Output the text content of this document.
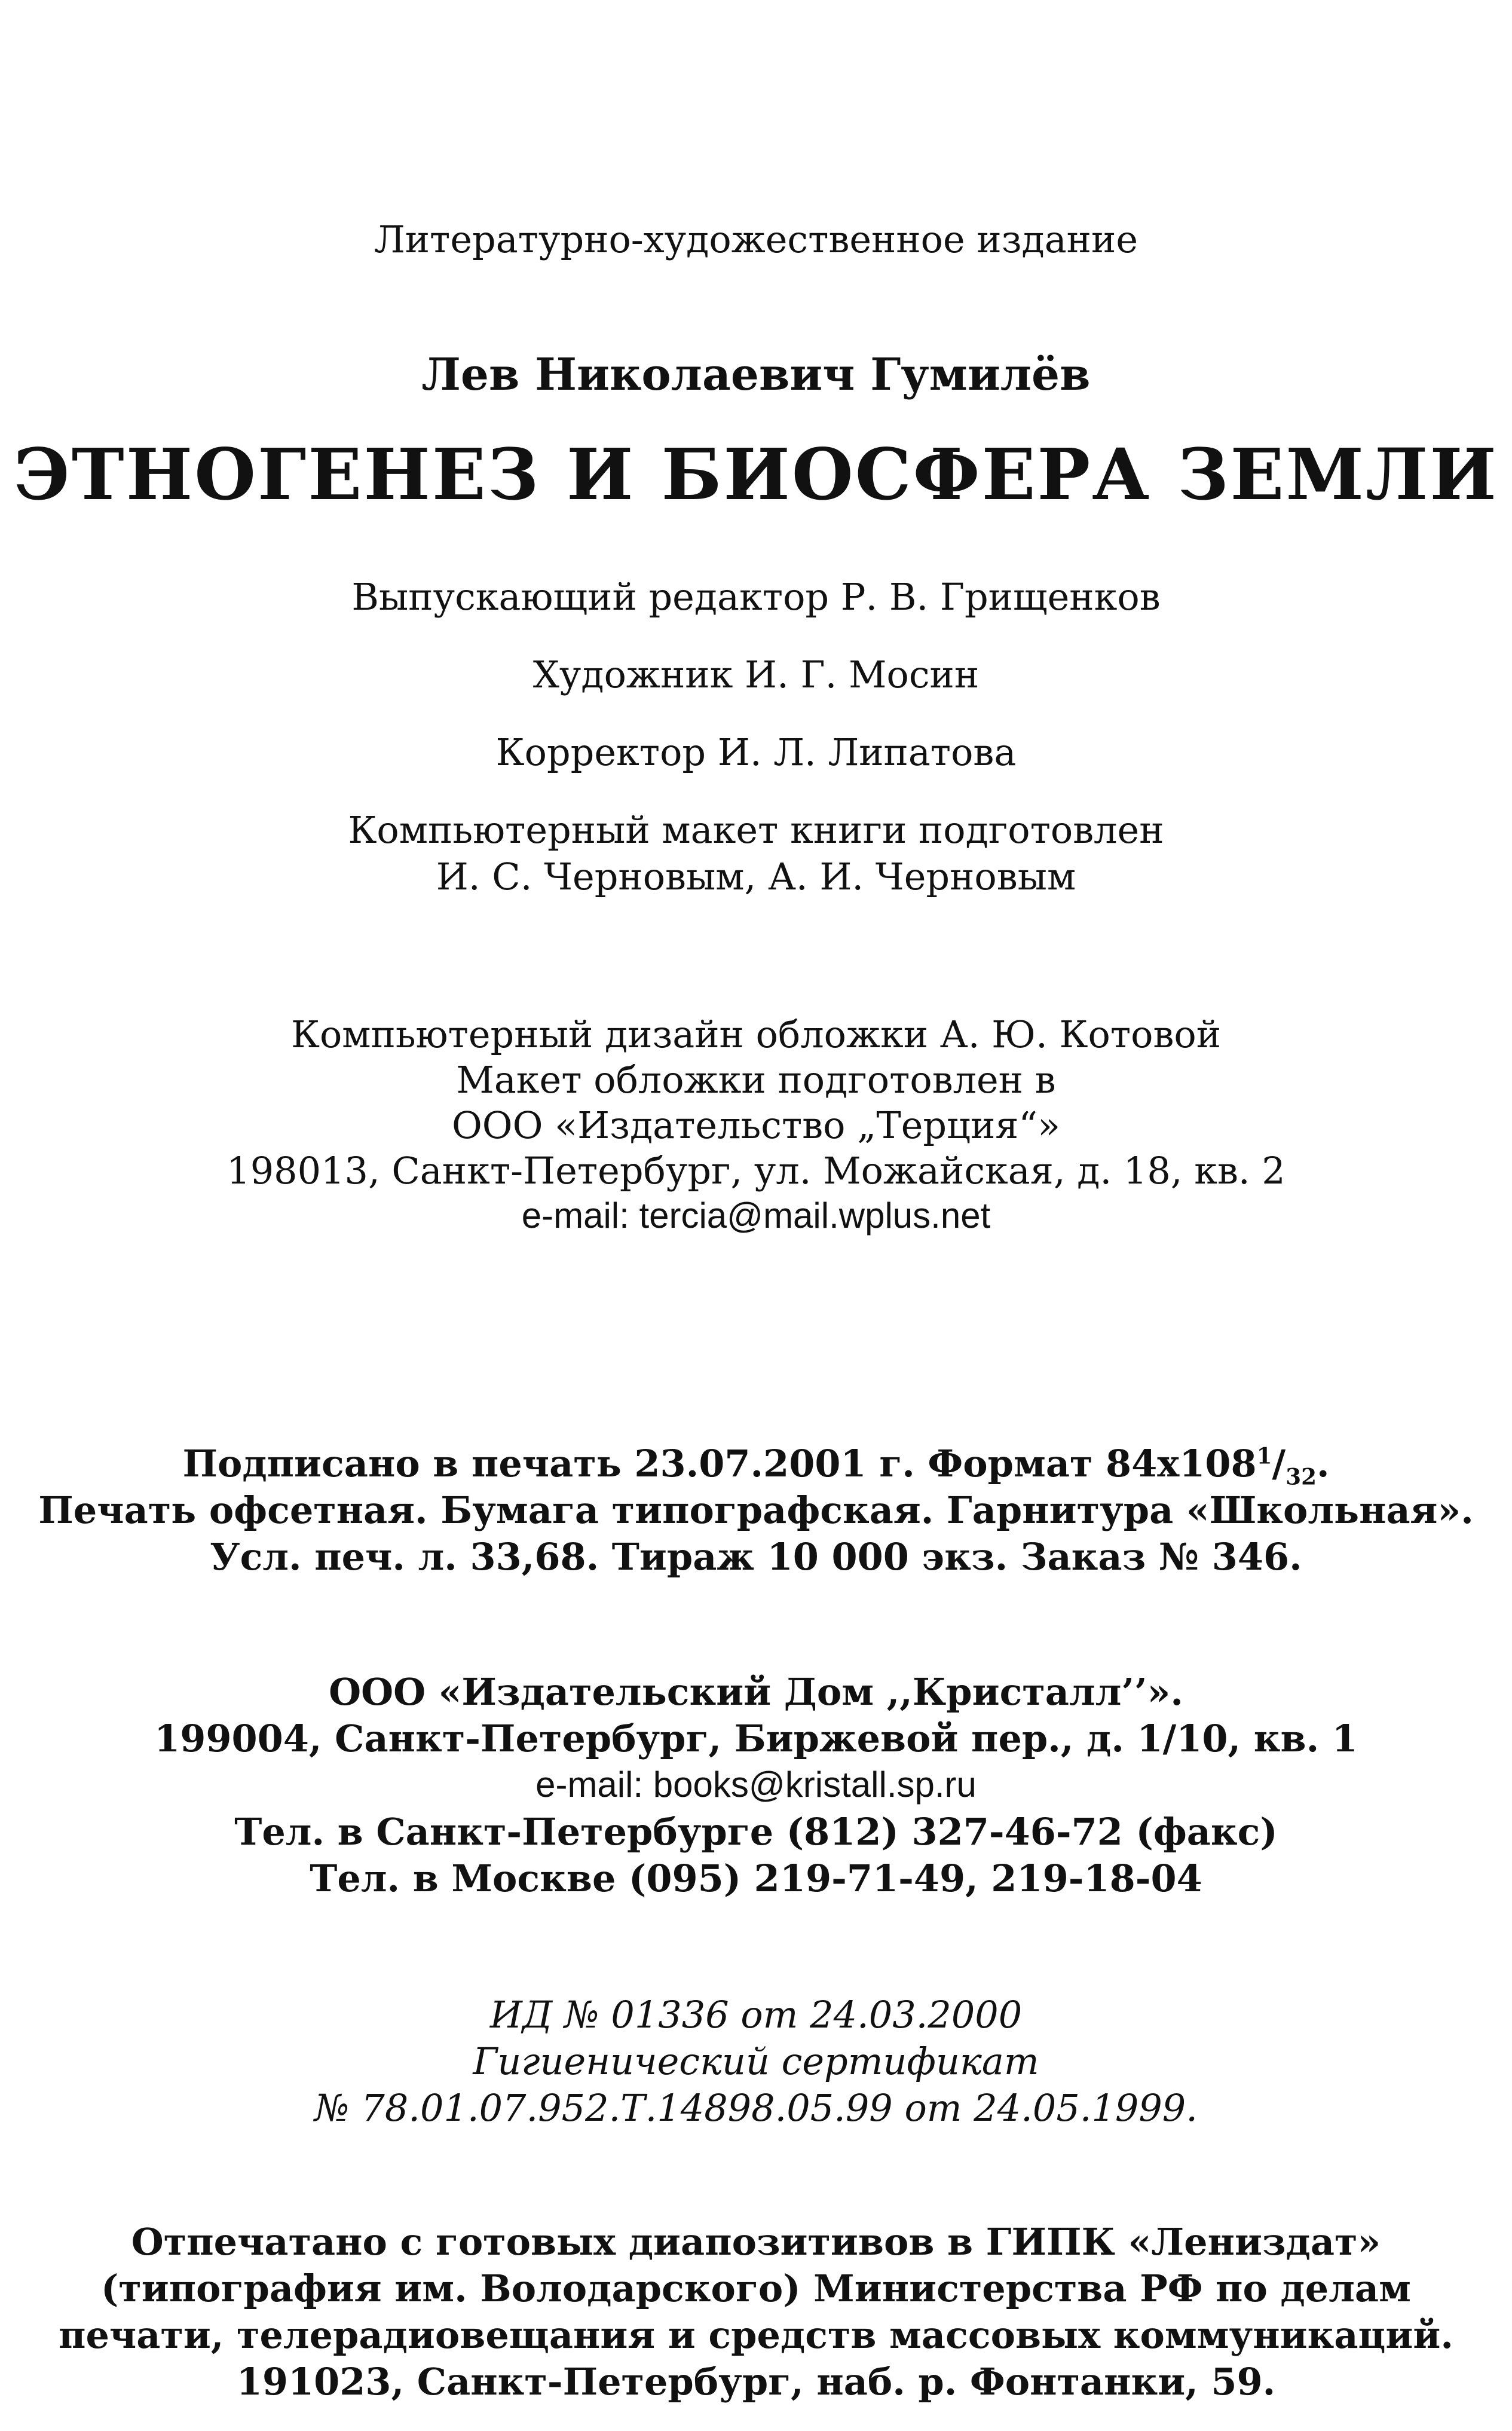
Литературно-художественное издание
Лев Николаевич Гумилёв
ЭТНОГЕНЕЗ И БИОСФЕРА ЗЕМЛИ
Выпускающий редактор Р. В. Грищенков
Художник И. Г. Мосин
Корректор И. Л. Липатова
Компьютерный макет книги подготовлен
И. С. Черновым, А. И. Черновым
Компьютерный дизайн обложки А. Ю. Котовой
Макет обложки подготовлен в
ООО «Издательство „Терция“»
198013, Санкт-Петербург, ул. Можайская, д. 18, кв. 2
e-mail: tercia@mail.wplus.net
Подписано в печать 23.07.2001 г. Формат $84х108^1/_{32}$.
Печать офсетная. Бумага типографская. Гарнитура «Школьная».
Усл. печ. л. 33,68. Тираж 10 000 экз. Заказ № 346.
ООО «Издательский Дом ,,Кристалл’’».
199004, Санкт-Петербург, Биржевой пер., д. 1/10, кв. 1
e-mail: books@kristall.sp.ru
Тел. в Санкт-Петербурге (812) 327-46-72 (факс)
Тел. в Москве (095) 219-71-49, 219-18-04
ИД № 01336 от 24.03.2000
Гигиенический сертификат
№ 78.01.07.952.Т.14898.05.99 от 24.05.1999.
Отпечатано с готовых диапозитивов в ГИПК «Лениздат»
(типография им. Володарского) Министерства РФ по делам
печати, телерадиовещания и средств массовых коммуникаций.
191023, Санкт-Петербург, наб. р. Фонтанки, 59.
